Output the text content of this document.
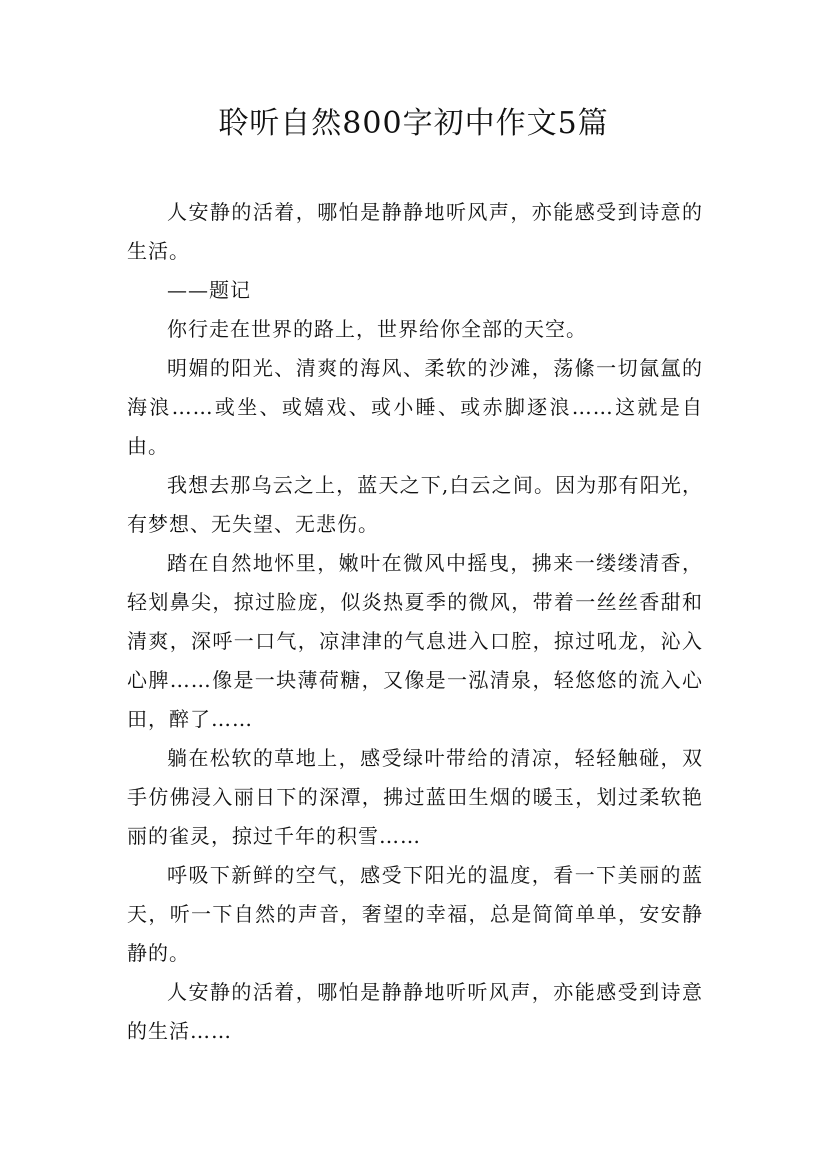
聆听自然800字初中作文5篇

人安静的活着，哪怕是静静地听风声，亦能感受到诗意的生活。

——题记

你行走在世界的路上，世界给你全部的天空。

明媚的阳光、清爽的海风、柔软的沙滩，荡絛一切氤氲的海浪……或坐、或嬉戏、或小睡、或赤脚逐浪……这就是自由。

我想去那乌云之上，蓝天之下,白云之间。因为那有阳光，有梦想、无失望、无悲伤。

踏在自然地怀里，嫩叶在微风中摇曳，拂来一缕缕清香，轻划鼻尖，掠过脸庞，似炎热夏季的微风，带着一丝丝香甜和清爽，深呼一口气，凉津津的气息进入口腔，掠过吼龙，沁入心脾……像是一块薄荷糖，又像是一泓清泉，轻悠悠的流入心田，醉了……

躺在松软的草地上，感受绿叶带给的清凉，轻轻触碰，双手仿佛浸入丽日下的深潭，拂过蓝田生烟的暖玉，划过柔软艳丽的雀灵，掠过千年的积雪……

呼吸下新鲜的空气，感受下阳光的温度，看一下美丽的蓝天，听一下自然的声音，奢望的幸福，总是简简单单，安安静静的。

人安静的活着，哪怕是静静地听听风声，亦能感受到诗意的生活……
